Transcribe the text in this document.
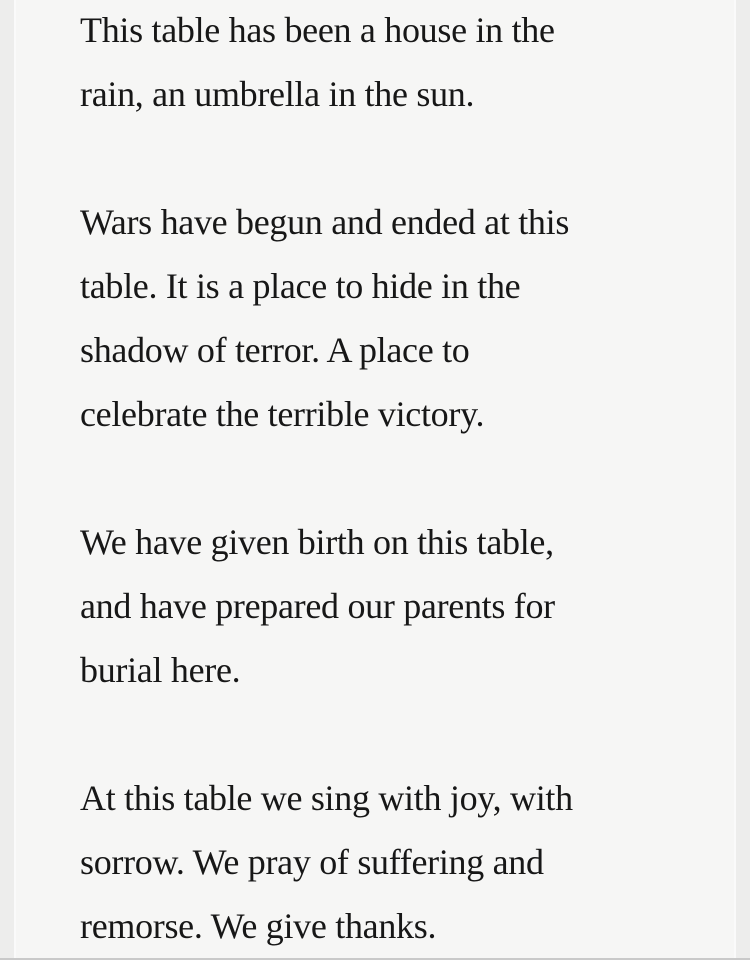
This table has been a house in the
rain, an umbrella in the sun.
Wars have begun and ended at this
table. It is a place to hide in the
shadow of terror. A place to
celebrate the terrible victory.
We have given birth on this table,
and have prepared our parents for
burial here.
At this table we sing with joy, with
sorrow. We pray of suffering and
remorse. We give thanks.
